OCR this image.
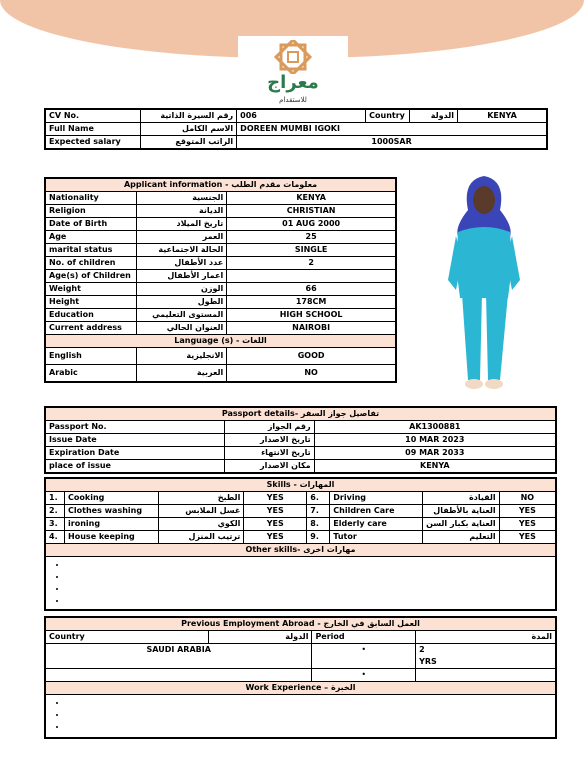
معراج
للاستقدام
CV No.	رقم السيرة الذاتية	006	Country	الدولة	KENYA
Full Name	الاسم الكامل	DOREEN MUMBI IGOKI			
Expected salary	الراتب المتوقع	1000SAR			
Applicant information - معلومات مقدم الطلب		
Nationality	الجنسية	KENYA
Religion	الديانة	CHRISTIAN
Date of Birth	تاريخ الميلاد	01 AUG 2000
Age	العمر	25
marital status	الحالة الاجتماعية	SINGLE
No. of children	عدد الأطفال	2
Age(s) of Children	اعمار الأطفال	
Weight	الوزن	66
Height	الطول	178CM
Education	المستوى التعليمي	HIGH SCHOOL
Current address	العنوان الحالي	NAIROBI
Language (s) - اللغات		
English	الانجليزية	GOOD
Arabic	العربية	NO
Passport details- تفاصيل جواز السفر		
Passport No.	رقم الجواز	AK1300881
Issue Date	تاريخ الاصدار	10 MAR 2023
Expiration Date	تاريخ الانتهاء	09 MAR 2033
place of issue	مكان الاصدار	KENYA
Skills - المهارات							
1.	Cooking	الطبخ	YES	6.	Driving	القيادة	NO
2.	Clothes washing	غسل الملابس	YES	7.	Children Care	العناية بالأطفال	YES
3.	ironing	الكوي	YES	8.	Elderly care	العناية بكبار السن	YES
4.	House keeping	ترتيب المنزل	YES	9.	Tutor	التعليم	YES
Other skills- مهارات اخرى							

•
•
•
•
Previous Employment Abroad - العمل السابق في الخارج			
Country	الدولة	Period	المدة
SAUDI ARABIA		•	2
YRS
		•	
Work Experience – الخبرة			

•
•
•
